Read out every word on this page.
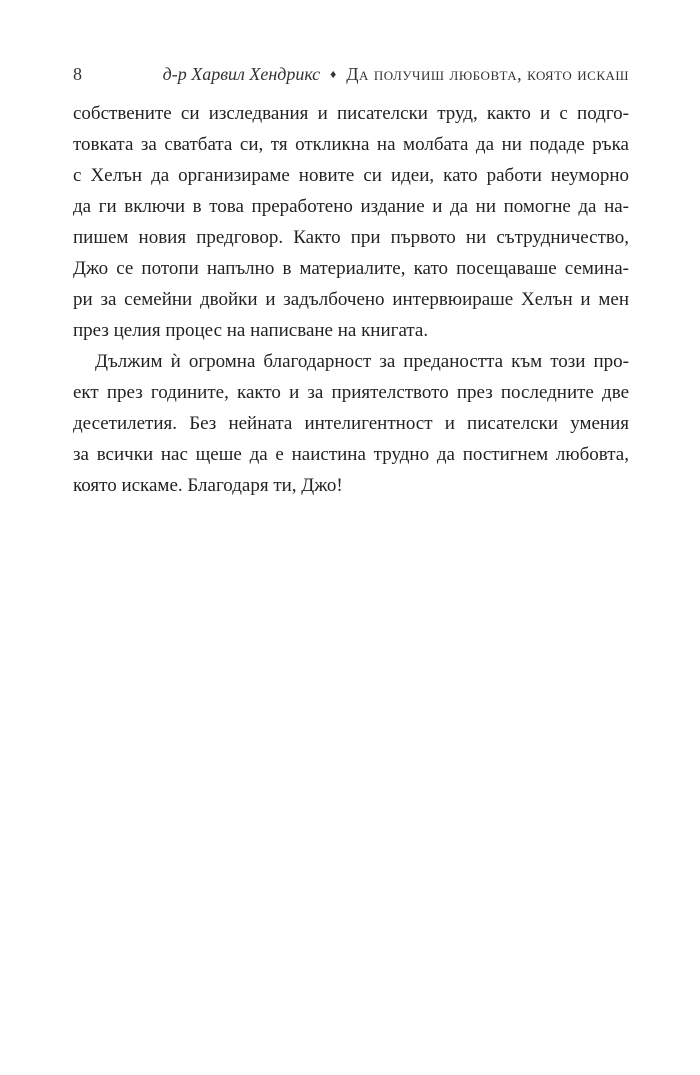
8	д-р Харвил Хендрикс ♦ Да получиш любовта, която искаш
собствените си изследвания и писателски труд, както и с подго-
товката за сватбата си, тя откликна на молбата да ни подаде ръка
с Хелън да организираме новите си идеи, като работи неуморно
да ги включи в това преработено издание и да ни помогне да на-
пишем новия предговор. Както при първото ни сътрудничество,
Джо се потопи напълно в материалите, като посещаваше семина-
ри за семейни двойки и задълбочено интервюираше Хелън и мен
през целия процес на написване на книгата.
Дължим ѝ огромна благодарност за предаността към този про-
ект през годините, както и за приятелството през последните две
десетилетия. Без нейната интелигентност и писателски умения
за всички нас щеше да е наистина трудно да постигнем любовта,
която искаме. Благодаря ти, Джо!
